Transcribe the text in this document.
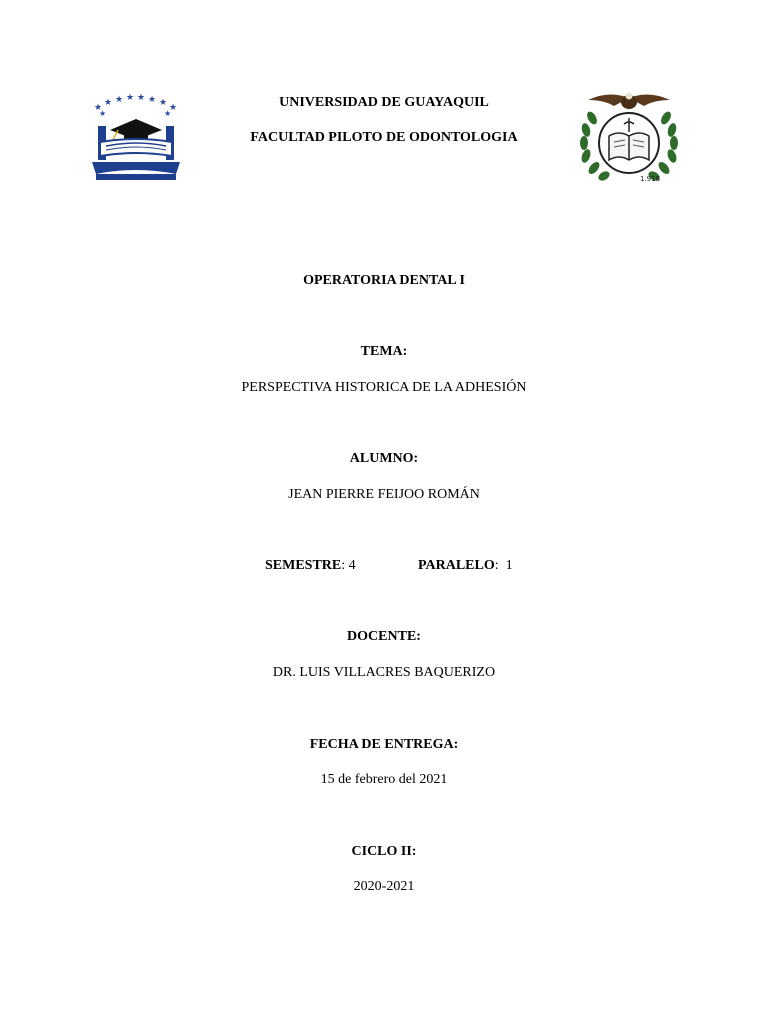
★ ★ ★ ★ ★ ★ ★ ★
★	★
UNIVERSIDAD DE GUAYAQUIL
FACULTAD PILOTO DE ODONTOLOGIA
1.918
OPERATORIA DENTAL I
TEMA:
PERSPECTIVA HISTORICA DE LA ADHESIÓN
ALUMNO:
JEAN PIERRE FEIJOO ROMÁN
SEMESTRE: 4	PARALELO:  1
DOCENTE:
DR. LUIS VILLACRES BAQUERIZO
FECHA DE ENTREGA:
15 de febrero del 2021
CICLO II:
2020-2021
